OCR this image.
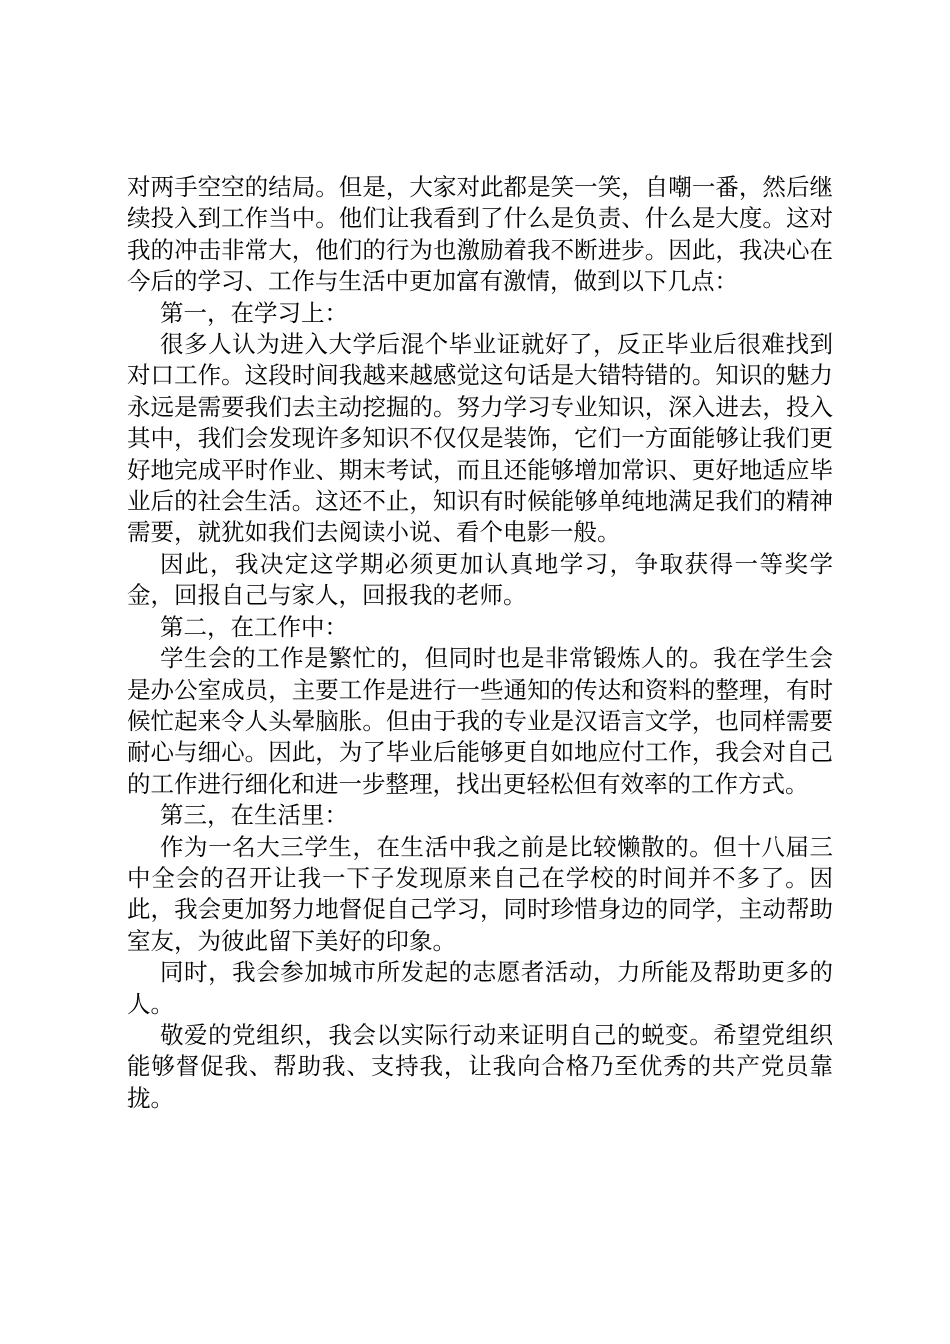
对两手空空的结局。但是，大家对此都是笑一笑，自嘲一番，然后继续投入到工作当中。他们让我看到了什么是负责、什么是大度。这对我的冲击非常大，他们的行为也激励着我不断进步。因此，我决心在今后的学习、工作与生活中更加富有激情，做到以下几点：

第一，在学习上：

很多人认为进入大学后混个毕业证就好了，反正毕业后很难找到对口工作。这段时间我越来越感觉这句话是大错特错的。知识的魅力永远是需要我们去主动挖掘的。努力学习专业知识，深入进去，投入其中，我们会发现许多知识不仅仅是装饰，它们一方面能够让我们更好地完成平时作业、期末考试，而且还能够增加常识、更好地适应毕业后的社会生活。这还不止，知识有时候能够单纯地满足我们的精神需要，就犹如我们去阅读小说、看个电影一般。

因此，我决定这学期必须更加认真地学习，争取获得一等奖学金，回报自己与家人，回报我的老师。

第二，在工作中：

学生会的工作是繁忙的，但同时也是非常锻炼人的。我在学生会是办公室成员，主要工作是进行一些通知的传达和资料的整理，有时候忙起来令人头晕脑胀。但由于我的专业是汉语言文学，也同样需要耐心与细心。因此，为了毕业后能够更自如地应付工作，我会对自己的工作进行细化和进一步整理，找出更轻松但有效率的工作方式。

第三，在生活里：

作为一名大三学生，在生活中我之前是比较懒散的。但十八届三中全会的召开让我一下子发现原来自己在学校的时间并不多了。因此，我会更加努力地督促自己学习，同时珍惜身边的同学，主动帮助室友，为彼此留下美好的印象。

同时，我会参加城市所发起的志愿者活动，力所能及帮助更多的人。

敬爱的党组织，我会以实际行动来证明自己的蜕变。希望党组织能够督促我、帮助我、支持我，让我向合格乃至优秀的共产党员靠拢。
